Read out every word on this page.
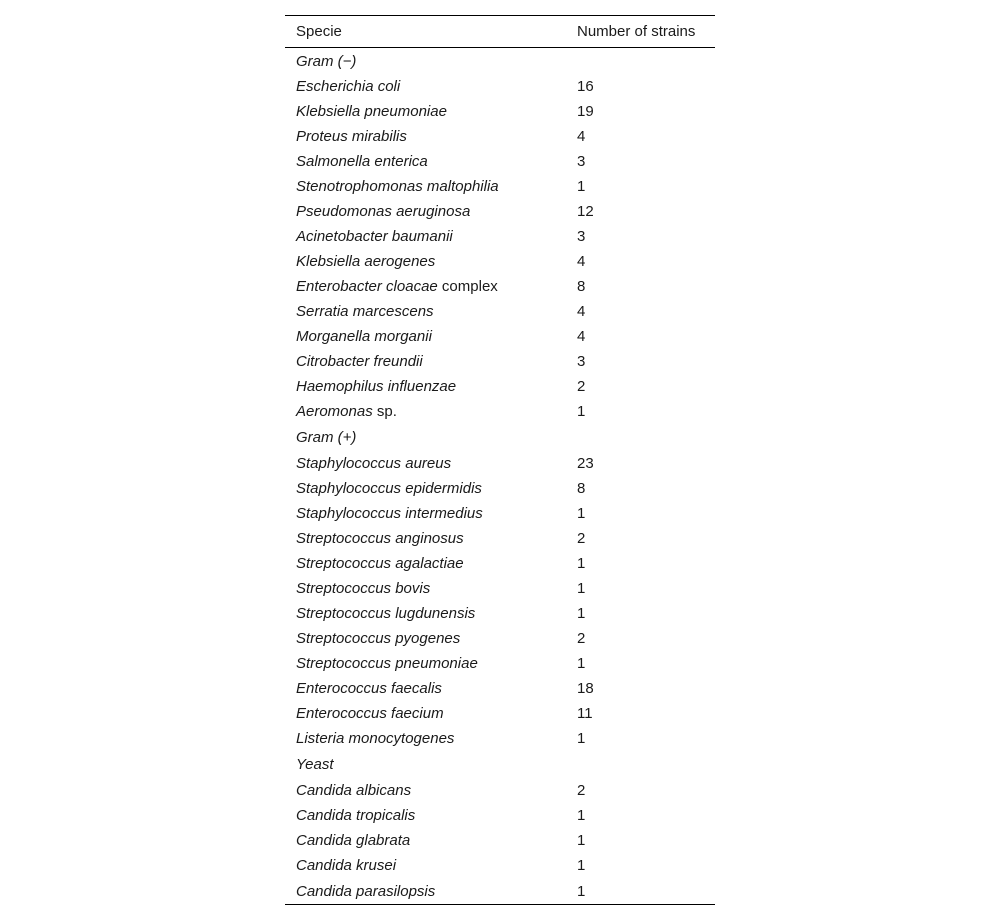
Specie	Number of strains
Gram (−)	
Escherichia coli	16
Klebsiella pneumoniae	19
Proteus mirabilis	4
Salmonella enterica	3
Stenotrophomonas maltophilia	1
Pseudomonas aeruginosa	12
Acinetobacter baumanii	3
Klebsiella aerogenes	4
Enterobacter cloacae complex	8
Serratia marcescens	4
Morganella morganii	4
Citrobacter freundii	3
Haemophilus influenzae	2
Aeromonas sp.	1
Gram (+)	
Staphylococcus aureus	23
Staphylococcus epidermidis	8
Staphylococcus intermedius	1
Streptococcus anginosus	2
Streptococcus agalactiae	1
Streptococcus bovis	1
Streptococcus lugdunensis	1
Streptococcus pyogenes	2
Streptococcus pneumoniae	1
Enterococcus faecalis	18
Enterococcus faecium	11
Listeria monocytogenes	1
Yeast	
Candida albicans	2
Candida tropicalis	1
Candida glabrata	1
Candida krusei	1
Candida parasilopsis	1
